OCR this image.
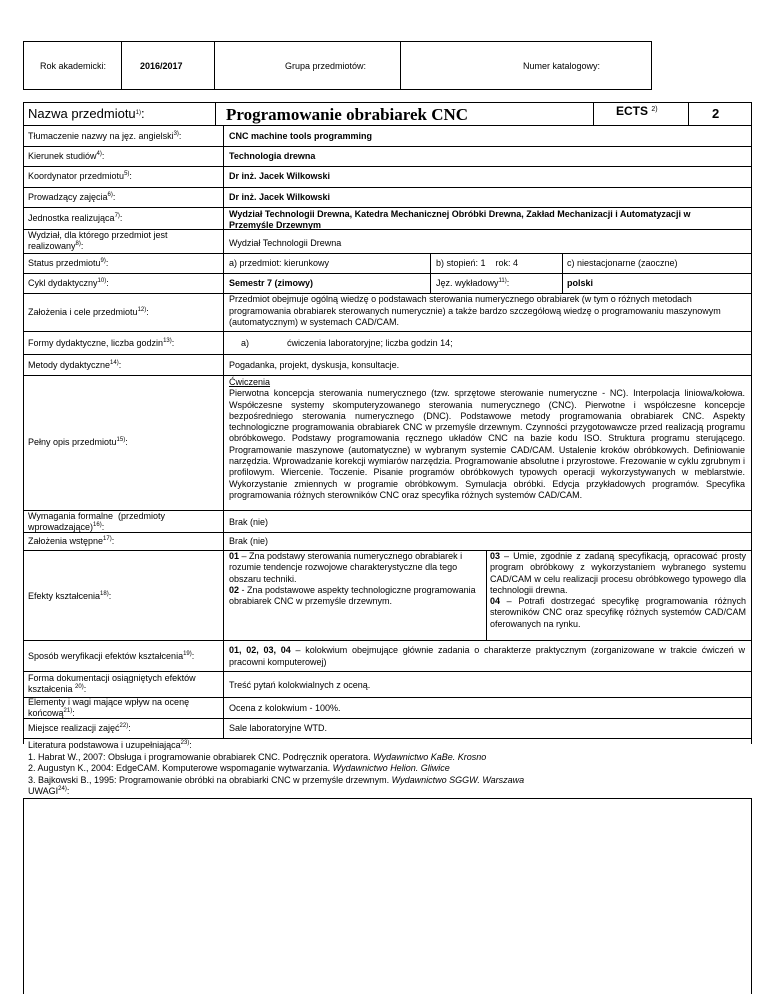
Rok akademicki:	2016/2017	Grupa przedmiotów:	Numer katalogowy:
Nazwa przedmiotu$^{1)}$:	Programowanie obrabiarek CNC	ECTS $^{2)}$	2
Tłumaczenie nazwy na jęz. angielski$^{3)}$:	CNC machine tools programming
Kierunek studiów$^{4)}$:	Technologia drewna
Koordynator przedmiotu$^{5)}$:	Dr inż. Jacek Wilkowski
Prowadzący zajęcia$^{6)}$:	Dr inż. Jacek Wilkowski
Jednostka realizująca$^{7)}$:	Wydział Technologii Drewna, Katedra Mechanicznej Obróbki Drewna, Zakład Mechanizacji i Automatyzacji w Przemyśle Drzewnym
Wydział, dla którego przedmiot jest
realizowany$^{8)}$:	Wydział Technologii Drewna
Status przedmiotu$^{9)}$:	a) przedmiot: kierunkowy	b) stopień: 1    rok: 4	c) niestacjonarne (zaoczne)
Cykl dydaktyczny$^{10)}$:	Semestr 7 (zimowy)	Jęz. wykładowy$^{11)}$:	polski
Założenia i cele przedmiotu$^{12)}$:
Przedmiot obejmuje ogólną wiedzę o podstawach sterowania numerycznego obrabiarek (w tym o różnych metodach programowania obrabiarek sterowanych numerycznie) a także bardzo szczegółową wiedzę o programowaniu maszynowym (automatycznym) w systemach CAD/CAM.
Formy dydaktyczne, liczba godzin$^{13)}$:	a)	ćwiczenia laboratoryjne; liczba godzin 14;
Metody dydaktyczne$^{14)}$:	Pogadanka, projekt, dyskusja, konsultacje.
Pełny opis przedmiotu$^{15)}$:
Ćwiczenia
Pierwotna koncepcja sterowania numerycznego (tzw. sprzętowe sterowanie numeryczne - NC). Interpolacja liniowa/kołowa. Współczesne systemy skomputeryzowanego sterowania numerycznego (CNC). Pierwotne i współczesne koncepcje bezpośredniego sterowania numerycznego (DNC). Podstawowe metody programowania obrabiarek CNC. Aspekty technologiczne programowania obrabiarek CNC w przemyśle drzewnym. Czynności przygotowawcze przed realizacją programu obróbkowego. Podstawy programowania ręcznego układów CNC na bazie kodu ISO. Struktura programu sterującego. Programowanie maszynowe (automatyczne) w wybranym systemie CAD/CAM. Ustalenie kroków obróbkowych. Definiowanie narzędzia. Wprowadzanie korekcji wymiarów narzędzia. Programowanie absolutne i przyrostowe. Frezowanie w cyklu zgrubnym i profilowym. Wiercenie. Toczenie. Pisanie programów obróbkowych typowych operacji wykorzystywanych w meblarstwie. Wykorzystanie zmiennych w programie obróbkowym. Symulacja obróbki. Edycja przykładowych programów. Specyfika programowania różnych sterowników CNC oraz specyfika różnych systemów CAD/CAM.
Wymagania formalne  (przedmioty
wprowadzające)$^{16)}$:	Brak (nie)
Założenia wstępne$^{17)}$:	Brak (nie)
Efekty kształcenia$^{18)}$:
01 – Zna podstawy sterowania numerycznego obrabiarek i rozumie tendencje rozwojowe charakterystyczne dla tego obszaru techniki.
02 - Zna podstawowe aspekty technologiczne programowania obrabiarek CNC w przemyśle drzewnym.
03 – Umie, zgodnie z zadaną specyfikacją, opracować prosty program obróbkowy z wykorzystaniem wybranego systemu CAD/CAM w celu realizacji procesu obróbkowego typowego dla technologii drewna.
04 – Potrafi dostrzegać specyfikę programowania różnych sterowników CNC oraz specyfikę różnych systemów CAD/CAM oferowanych na rynku.
Sposób weryfikacji efektów kształcenia$^{19)}$:
01, 02, 03, 04 – kolokwium obejmujące głównie zadania o charakterze praktycznym (zorganizowane w trakcie ćwiczeń w pracowni komputerowej)
Forma dokumentacji osiągniętych efektów
kształcenia $^{20)}$:	Treść pytań kolokwialnych z oceną.
Elementy i wagi mające wpływ na ocenę
końcową$^{21)}$:	Ocena z kolokwium - 100%.
Miejsce realizacji zajęć$^{22)}$:	Sale laboratoryjne WTD.
Literatura podstawowa i uzupełniająca$^{23)}$:
1. Habrat W., 2007: Obsługa i programowanie obrabiarek CNC. Podręcznik operatora. Wydawnictwo KaBe. Krosno
2. Augustyn K., 2004: EdgeCAM. Komputerowe wspomaganie wytwarzania. Wydawnictwo Helion. Gliwice
3. Bajkowski B., 1995: Programowanie obróbki na obrabiarki CNC w przemyśle drzewnym. Wydawnictwo SGGW. Warszawa
UWAGI$^{24)}$:
